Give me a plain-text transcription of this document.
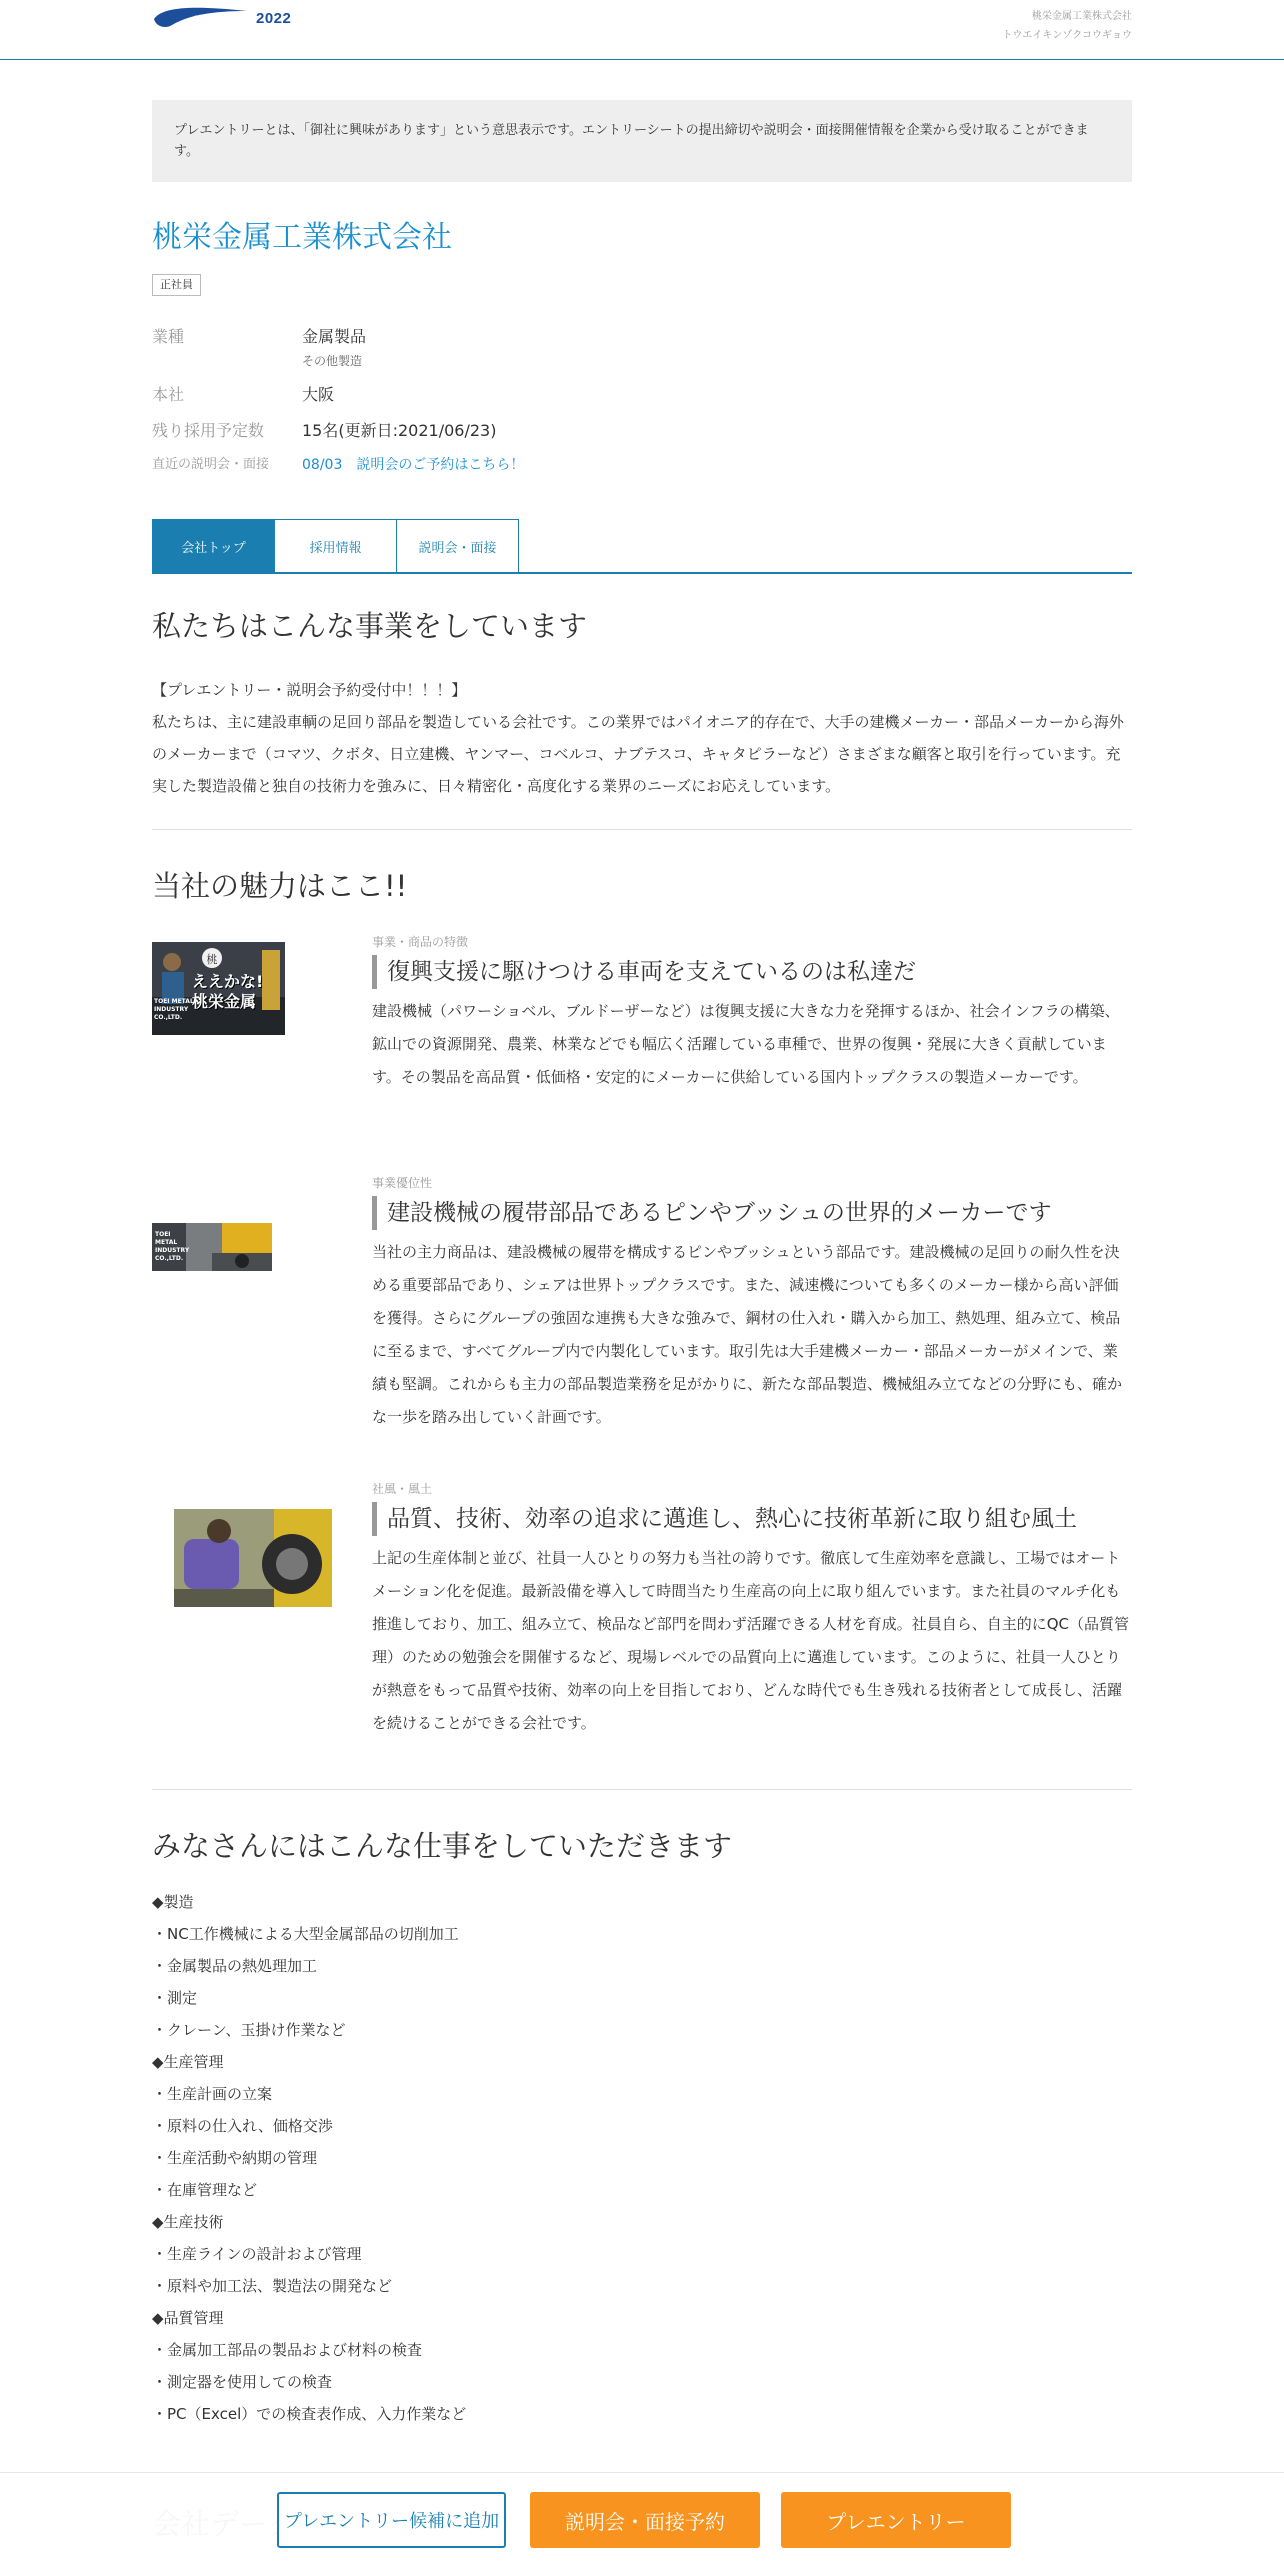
リクナビ 2022	桃栄金属工業株式会社
トウエイキンゾクコウギョウ
プレエントリーとは、「御社に興味があります」という意思表示です。エントリーシートの提出締切や説明会・面接開催情報を企業から受け取ることができます。
桃栄金属工業株式会社
正社員
業種	金属製品
その他製造
本社	大阪
残り採用予定数	15名(更新日:2021/06/23)
直近の説明会・面接	08/03　説明会のご予約はこちら！
会社トップ	採用情報	説明会・面接
私たちはこんな事業をしています
【プレエントリー・説明会予約受付中！！！】
私たちは、主に建設車輌の足回り部品を製造している会社です。この業界ではパイオニア的存在で、大手の建機メーカー・部品メーカーから海外のメーカーまで（コマツ、クボタ、日立建機、ヤンマー、コベルコ、ナブテスコ、キャタピラーなど）さまざまな顧客と取引を行っています。充実した製造設備と独自の技術力を強みに、日々精密化・高度化する業界のニーズにお応えしています。
当社の魅力はここ!!
桃
ええかな! 桃栄金属
TOEI METAL INDUSTRY CO.,LTD.
事業・商品の特徴
復興支援に駆けつける車両を支えているのは私達だ
建設機械（パワーショベル、ブルドーザーなど）は復興支援に大きな力を発揮するほか、社会インフラの構築、鉱山での資源開発、農業、林業などでも幅広く活躍している車種で、世界の復興・発展に大きく貢献しています。その製品を高品質・低価格・安定的にメーカーに供給している国内トップクラスの製造メーカーです。
TOEI METAL INDUSTRY CO.,LTD.
事業優位性
建設機械の履帯部品であるピンやブッシュの世界的メーカーです
当社の主力商品は、建設機械の履帯を構成するピンやブッシュという部品です。建設機械の足回りの耐久性を決める重要部品であり、シェアは世界トップクラスです。また、減速機についても多くのメーカー様から高い評価を獲得。さらにグループの強固な連携も大きな強みで、鋼材の仕入れ・購入から加工、熱処理、組み立て、検品に至るまで、すべてグループ内で内製化しています。取引先は大手建機メーカー・部品メーカーがメインで、業績も堅調。これからも主力の部品製造業務を足がかりに、新たな部品製造、機械組み立てなどの分野にも、確かな一歩を踏み出していく計画です。
社風・風土
品質、技術、効率の追求に邁進し、熱心に技術革新に取り組む風土
上記の生産体制と並び、社員一人ひとりの努力も当社の誇りです。徹底して生産効率を意識し、工場ではオートメーション化を促進。最新設備を導入して時間当たり生産高の向上に取り組んでいます。また社員のマルチ化も推進しており、加工、組み立て、検品など部門を問わず活躍できる人材を育成。社員自ら、自主的にQC（品質管理）のための勉強会を開催するなど、現場レベルでの品質向上に邁進しています。このように、社員一人ひとりが熱意をもって品質や技術、効率の向上を目指しており、どんな時代でも生き残れる技術者として成長し、活躍を続けることができる会社です。
みなさんにはこんな仕事をしていただきます
◆製造
・NC工作機械による大型金属部品の切削加工
・金属製品の熱処理加工
・測定
・クレーン、玉掛け作業など
◆生産管理
・生産計画の立案
・原料の仕入れ、価格交渉
・生産活動や納期の管理
・在庫管理など
◆生産技術
・生産ラインの設計および管理
・原料や加工法、製造法の開発など
◆品質管理
・金属加工部品の製品および材料の検査
・測定器を使用しての検査
・PC（Excel）での検査表作成、入力作業など
プレエントリー候補に追加	説明会・面接予約	プレエントリー
